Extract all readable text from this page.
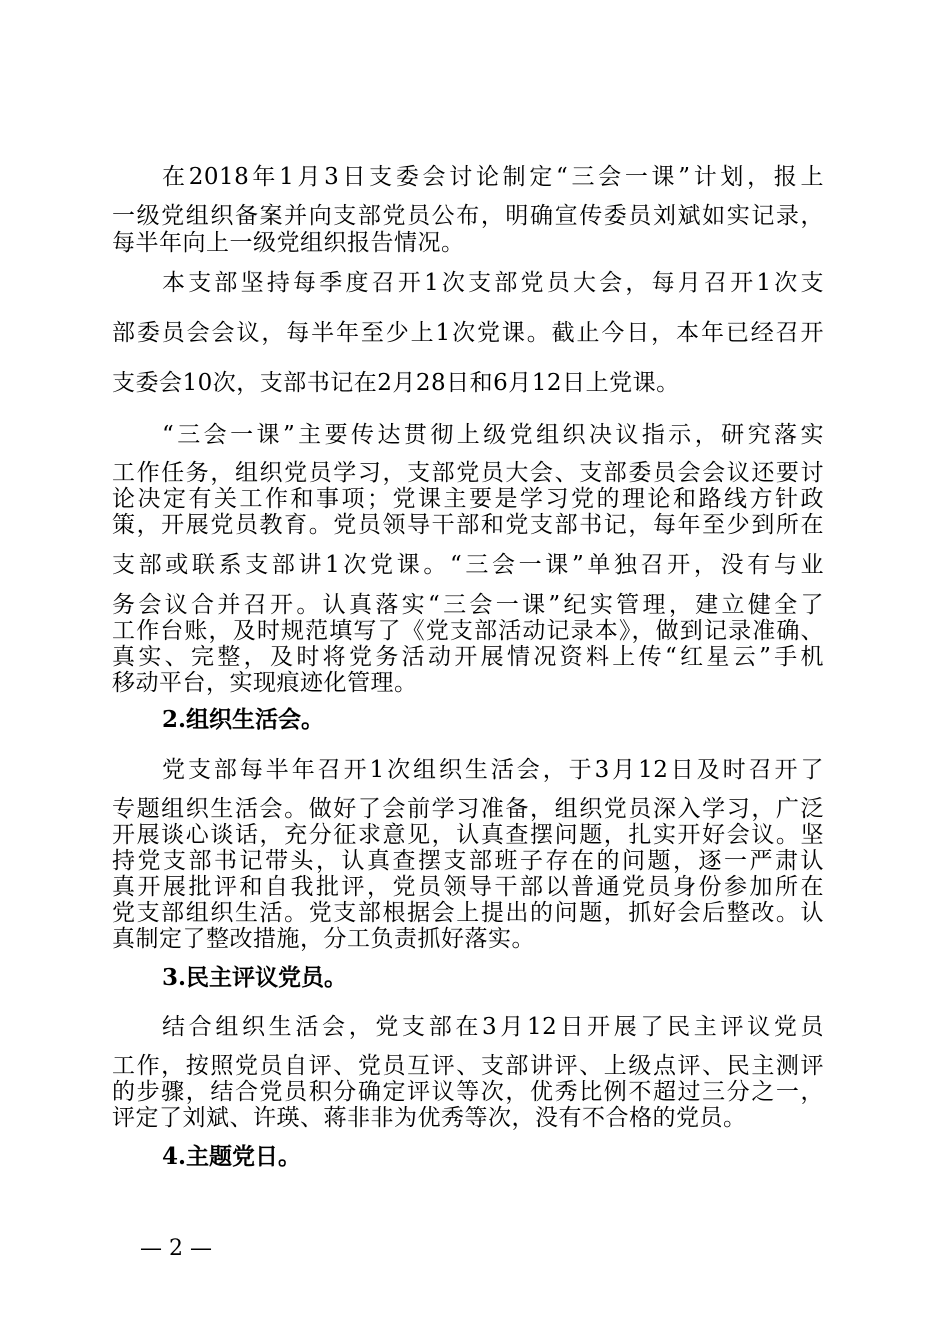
在2018年1月3日支委会讨论制定“三会一课”计划，报上
一级党组织备案并向支部党员公布，明确宣传委员刘斌如实记录，
每半年向上一级党组织报告情况。
本支部坚持每季度召开1次支部党员大会，每月召开1次支
部委员会会议，每半年至少上1次党课。截止今日，本年已经召开
支委会10次，支部书记在2月28日和6月12日上党课。
“三会一课”主要传达贯彻上级党组织决议指示，研究落实
工作任务，组织党员学习，支部党员大会、支部委员会会议还要讨
论决定有关工作和事项；党课主要是学习党的理论和路线方针政
策，开展党员教育。党员领导干部和党支部书记，每年至少到所在
支部或联系支部讲1次党课。“三会一课”单独召开，没有与业
务会议合并召开。认真落实“三会一课”纪实管理，建立健全了
工作台账，及时规范填写了《党支部活动记录本》，做到记录准确、
真实、完整，及时将党务活动开展情况资料上传“红星云”手机
移动平台，实现痕迹化管理。
2.组织生活会。
党支部每半年召开1次组织生活会，于3月12日及时召开了
专题组织生活会。做好了会前学习准备，组织党员深入学习，广泛
开展谈心谈话，充分征求意见，认真查摆问题，扎实开好会议。坚
持党支部书记带头，认真查摆支部班子存在的问题，逐一严肃认
真开展批评和自我批评，党员领导干部以普通党员身份参加所在
党支部组织生活。党支部根据会上提出的问题，抓好会后整改。认
真制定了整改措施，分工负责抓好落实。
3.民主评议党员。
结合组织生活会，党支部在3月12日开展了民主评议党员
工作，按照党员自评、党员互评、支部讲评、上级点评、民主测评
的步骤，结合党员积分确定评议等次，优秀比例不超过三分之一，
评定了刘斌、许瑛、蒋非非为优秀等次，没有不合格的党员。
4.主题党日。
— 2 —
